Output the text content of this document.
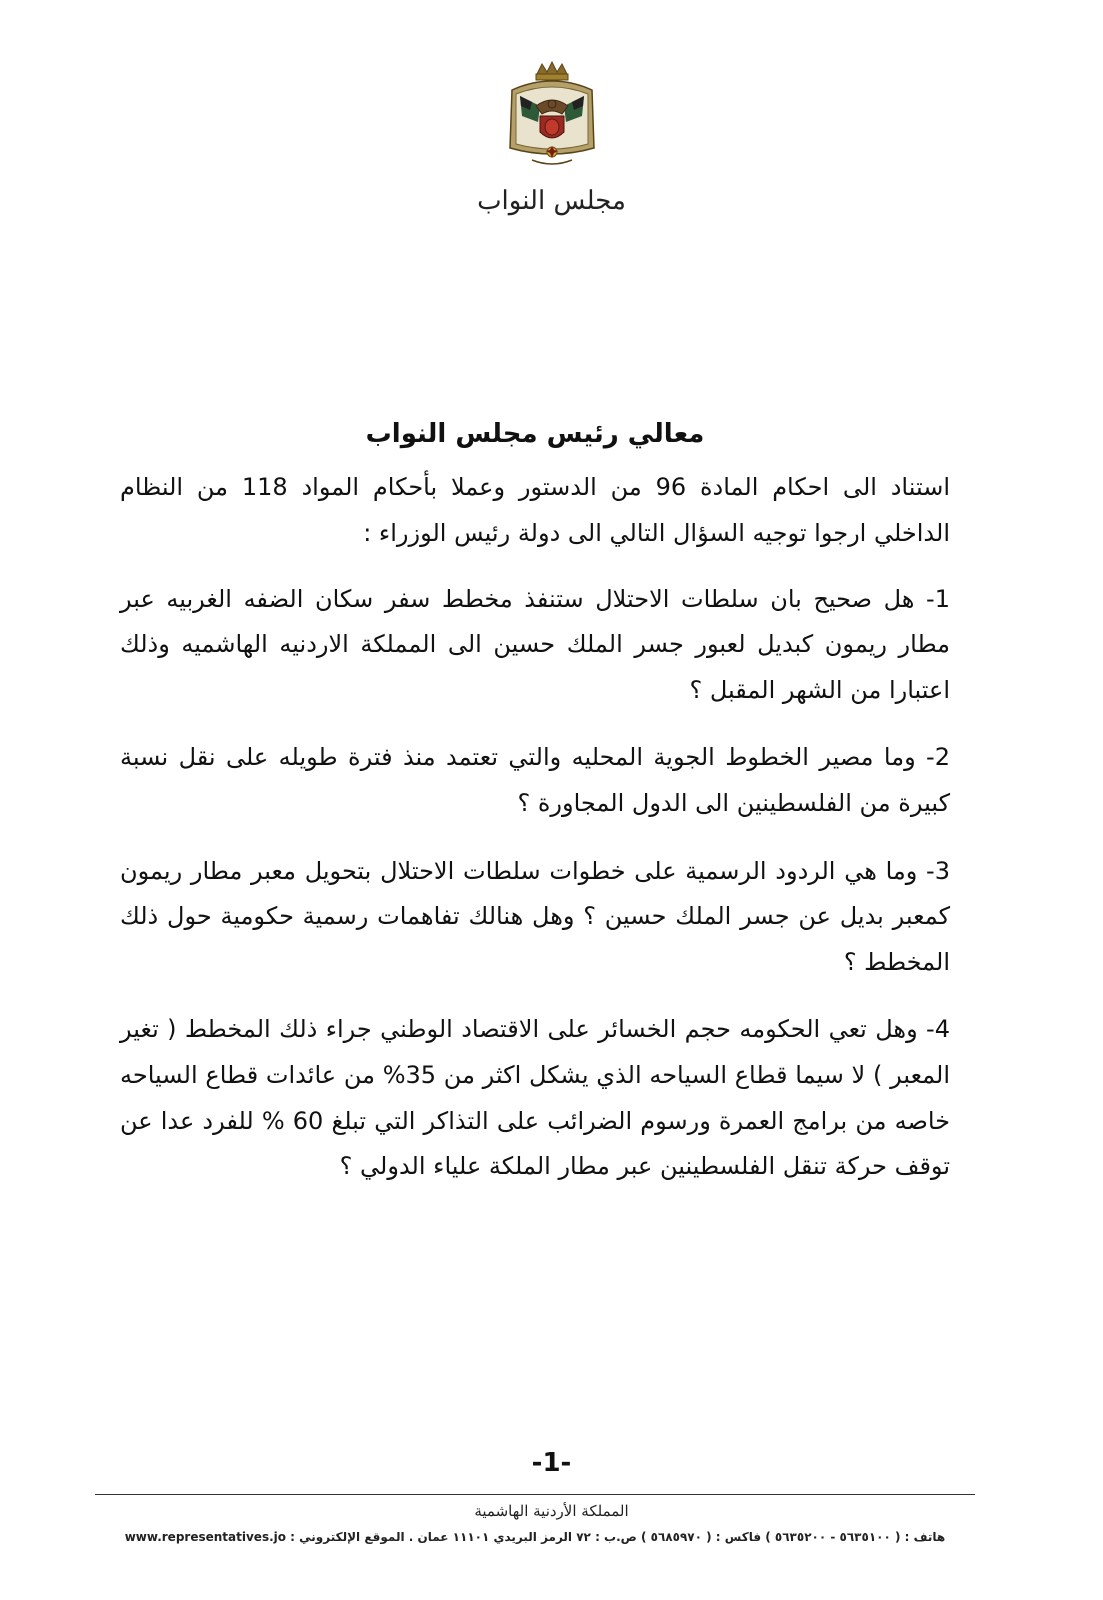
مجلس النواب

معالي رئيس مجلس النواب

استناد الى احكام المادة 96 من الدستور وعملا بأحكام المواد 118 من النظام الداخلي ارجوا توجيه السؤال التالي الى دولة رئيس الوزراء :

1- هل صحيح بان سلطات الاحتلال ستنفذ مخطط سفر سكان الضفه الغربيه عبر مطار ريمون كبديل لعبور جسر الملك حسين الى المملكة الاردنيه الهاشميه وذلك اعتبارا من الشهر المقبل ؟

2- وما مصير الخطوط الجوية المحليه والتي تعتمد منذ فترة طويله على نقل نسبة كبيرة من الفلسطينين الى الدول المجاورة ؟

3- وما هي الردود الرسمية على خطوات سلطات الاحتلال بتحويل معبر مطار ريمون كمعبر بديل عن جسر الملك حسين ؟ وهل هنالك تفاهمات رسمية حكومية حول ذلك المخطط ؟

4- وهل تعي الحكومه حجم الخسائر على الاقتصاد الوطني جراء ذلك المخطط ( تغير المعبر ) لا سيما قطاع السياحه الذي يشكل اكثر من 35% من عائدات قطاع السياحه خاصه من برامج العمرة ورسوم الضرائب على التذاكر التي تبلغ 60 % للفرد عدا عن توقف حركة تنقل الفلسطينين عبر مطار الملكة علياء الدولي ؟

-1-
المملكة الأردنية الهاشمية
هاتف : ( ٥٦٣٥١٠٠ - ٥٦٣٥٢٠٠ ) فاكس : ( ٥٦٨٥٩٧٠ ) ص.ب : ٧٢ الرمز البريدي ١١١٠١ عمان . الموقع الإلكتروني : www.representatives.jo
